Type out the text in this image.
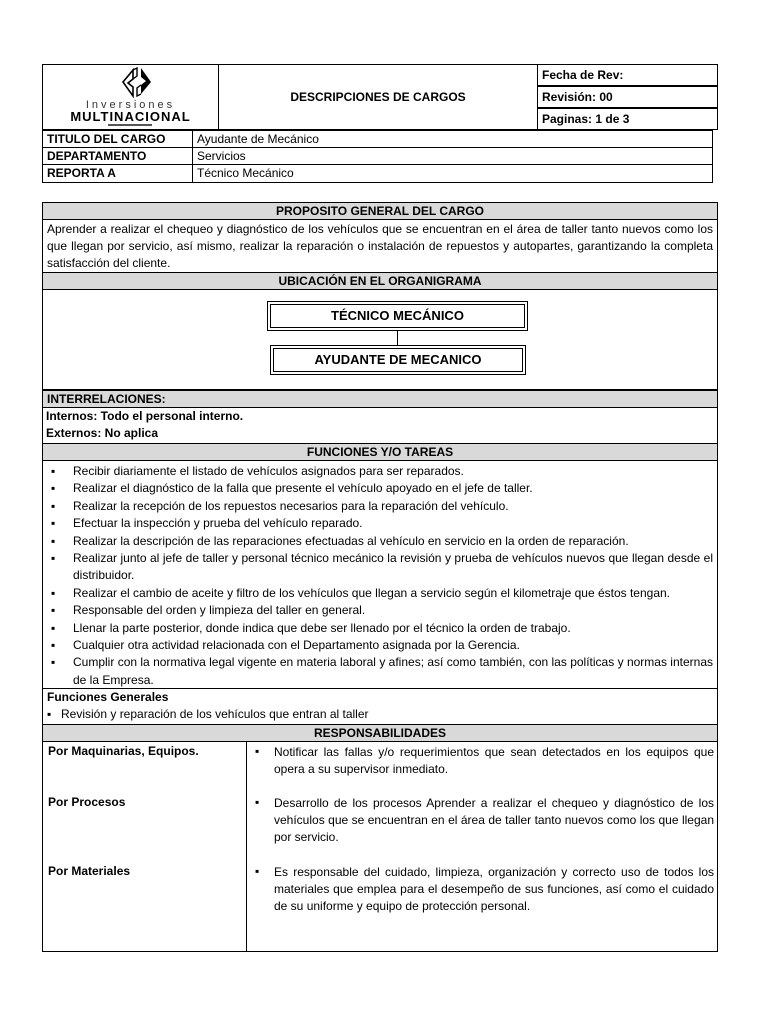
Inversiones
MULTINACIONAL
DESCRIPCIONES DE CARGOS
Fecha de Rev:
Revisión: 00
Paginas: 1 de 3
TITULO DEL CARGO	Ayudante de Mecánico
DEPARTAMENTO	Servicios
REPORTA A	Técnico Mecánico
PROPOSITO GENERAL DEL CARGO
Aprender a realizar el chequeo y diagnóstico de los vehículos que se encuentran en el área de taller tanto nuevos como los que llegan por servicio, así mismo, realizar la reparación o instalación de repuestos y autopartes, garantizando la completa satisfacción del cliente.
UBICACIÓN EN EL ORGANIGRAMA
TÉCNICO MECÁNICO
AYUDANTE DE MECANICO
INTERRELACIONES:
Internos: Todo el personal interno.
Externos: No aplica
FUNCIONES Y/O TAREAS
▪ Recibir diariamente el listado de vehículos asignados para ser reparados.
▪ Realizar el diagnóstico de la falla que presente el vehículo apoyado en el jefe de taller.
▪ Realizar la recepción de los repuestos necesarios para la reparación del vehículo.
▪ Efectuar la inspección y prueba del vehículo reparado.
▪ Realizar la descripción de las reparaciones efectuadas al vehículo en servicio en la orden de reparación.
▪ Realizar junto al jefe de taller y personal técnico mecánico la revisión y prueba de vehículos nuevos que llegan desde el distribuidor.
▪ Realizar el cambio de aceite y filtro de los vehículos que llegan a servicio según el kilometraje que éstos tengan.
▪ Responsable del orden y limpieza del taller en general.
▪ Llenar la parte posterior, donde indica que debe ser llenado por el técnico la orden de trabajo.
▪ Cualquier otra actividad relacionada con el Departamento asignada por la Gerencia.
▪ Cumplir con la normativa legal vigente en materia laboral y afines; así como también, con las políticas y normas internas de la Empresa.
Funciones Generales
▪ Revisión y reparación de los vehículos que entran al taller
RESPONSABILIDADES
Por Maquinarias, Equipos.	▪ Notificar las fallas y/o requerimientos que sean detectados en los equipos que opera a su supervisor inmediato.
Por Procesos	▪ Desarrollo de los procesos Aprender a realizar el chequeo y diagnóstico de los vehículos que se encuentran en el área de taller tanto nuevos como los que llegan por servicio.
Por Materiales	▪ Es responsable del cuidado, limpieza, organización y correcto uso de todos los materiales que emplea para el desempeño de sus funciones, así como el cuidado de su uniforme y equipo de protección personal.
